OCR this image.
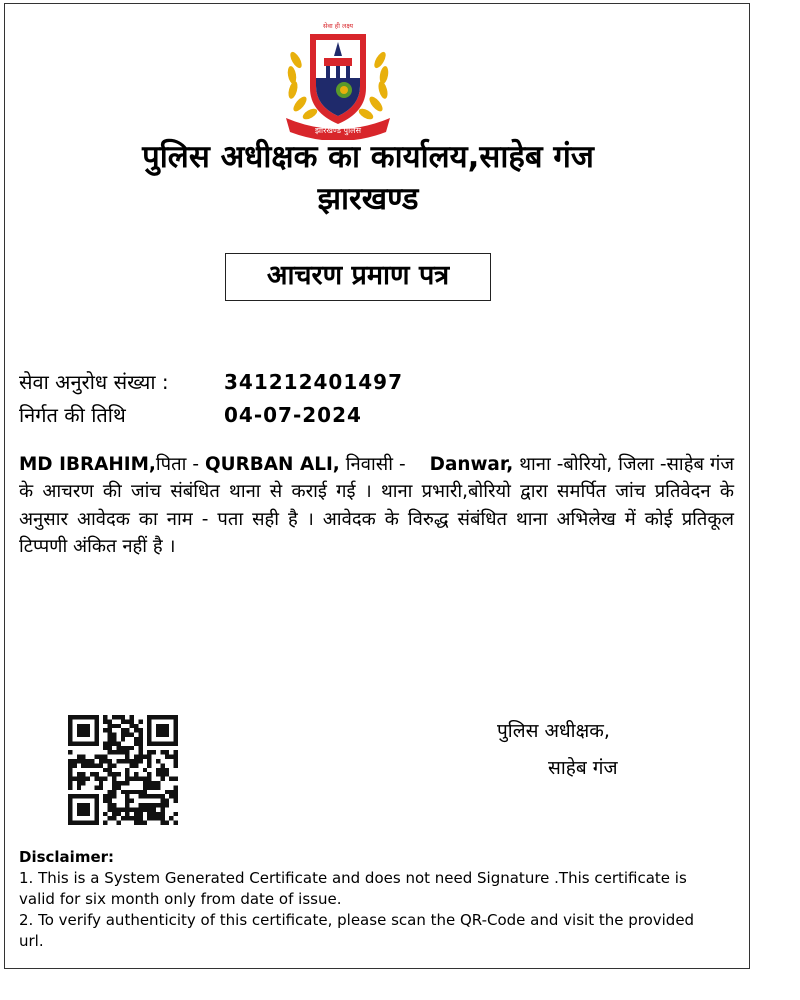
सेवा ही लक्ष्य
झारखण्ड पुलिस
पुलिस अधीक्षक का कार्यालय,साहेब गंज
झारखण्ड
आचरण प्रमाण पत्र
सेवा अनुरोध संख्या :	341212401497
निर्गत की तिथि	04-07-2024
MD IBRAHIM,पिता - QURBAN ALI, निवासी -    Danwar, थाना -बोरियो, जिला -साहेब गंज के आचरण की जांच संबंधित थाना से कराई गई । थाना प्रभारी,बोरियो द्वारा समर्पित जांच प्रतिवेदन के अनुसार आवेदक का नाम - पता सही है । आवेदक के विरुद्ध संबंधित थाना अभिलेख में कोई प्रतिकूल टिप्पणी अंकित नहीं है ।
पुलिस अधीक्षक,
साहेब गंज
Disclaimer:
1. This is a System Generated Certificate and does not need Signature .This certificate is valid for six month only from date of issue.
2. To verify authenticity of this certificate, please scan the QR-Code and visit the provided url.
